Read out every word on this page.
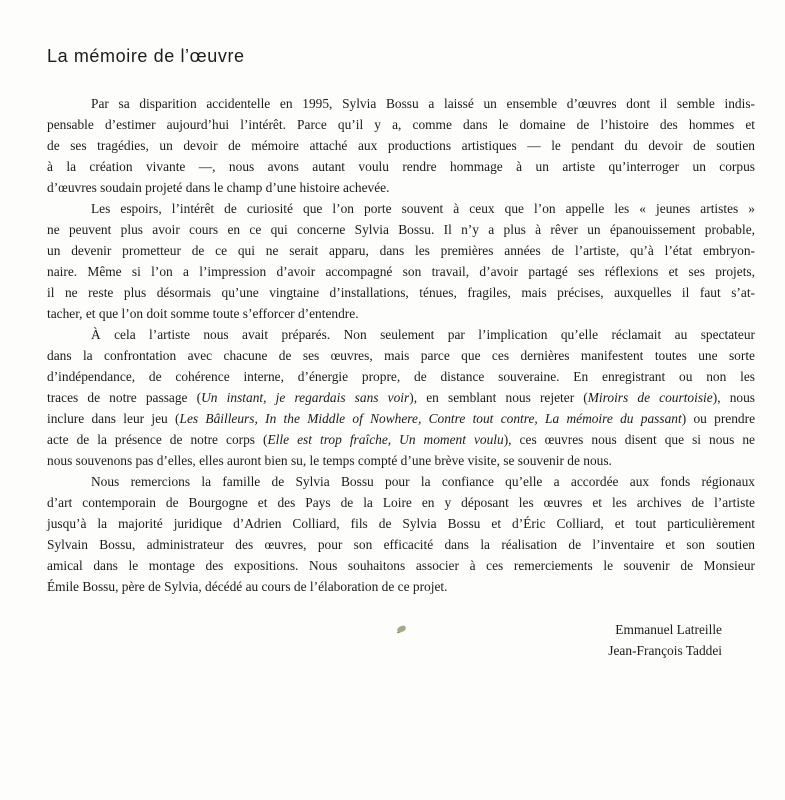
La mémoire de l’œuvre
Par sa disparition accidentelle en 1995, Sylvia Bossu a laissé un ensemble d’œuvres dont il semble indis-
pensable d’estimer aujourd’hui l’intérêt. Parce qu’il y a, comme dans le domaine de l’histoire des hommes et
de ses tragédies, un devoir de mémoire attaché aux productions artistiques — le pendant du devoir de soutien
à la création vivante —, nous avons autant voulu rendre hommage à un artiste qu’interroger un corpus
d’œuvres soudain projeté dans le champ d’une histoire achevée.
Les espoirs, l’intérêt de curiosité que l’on porte souvent à ceux que l’on appelle les « jeunes artistes »
ne peuvent plus avoir cours en ce qui concerne Sylvia Bossu. Il n’y a plus à rêver un épanouissement probable,
un devenir prometteur de ce qui ne serait apparu, dans les premières années de l’artiste, qu’à l’état embryon-
naire. Même si l’on a l’impression d’avoir accompagné son travail, d’avoir partagé ses réflexions et ses projets,
il ne reste plus désormais qu’une vingtaine d’installations, ténues, fragiles, mais précises, auxquelles il faut s’at-
tacher, et que l’on doit somme toute s’efforcer d’entendre.
À cela l’artiste nous avait préparés. Non seulement par l’implication qu’elle réclamait au spectateur
dans la confrontation avec chacune de ses œuvres, mais parce que ces dernières manifestent toutes une sorte
d’indépendance, de cohérence interne, d’énergie propre, de distance souveraine. En enregistrant ou non les
traces de notre passage (Un instant, je regardais sans voir), en semblant nous rejeter (Miroirs de courtoisie), nous
inclure dans leur jeu (Les Bâilleurs, In the Middle of Nowhere, Contre tout contre, La mémoire du passant) ou prendre
acte de la présence de notre corps (Elle est trop fraîche, Un moment voulu), ces œuvres nous disent que si nous ne
nous souvenons pas d’elles, elles auront bien su, le temps compté d’une brève visite, se souvenir de nous.
Nous remercions la famille de Sylvia Bossu pour la confiance qu’elle a accordée aux fonds régionaux
d’art contemporain de Bourgogne et des Pays de la Loire en y déposant les œuvres et les archives de l’artiste
jusqu’à la majorité juridique d’Adrien Colliard, fils de Sylvia Bossu et d’Éric Colliard, et tout particulièrement
Sylvain Bossu, administrateur des œuvres, pour son efficacité dans la réalisation de l’inventaire et son soutien
amical dans le montage des expositions. Nous souhaitons associer à ces remerciements le souvenir de Monsieur
Émile Bossu, père de Sylvia, décédé au cours de l’élaboration de ce projet.
Emmanuel Latreille
Jean-François Taddei
